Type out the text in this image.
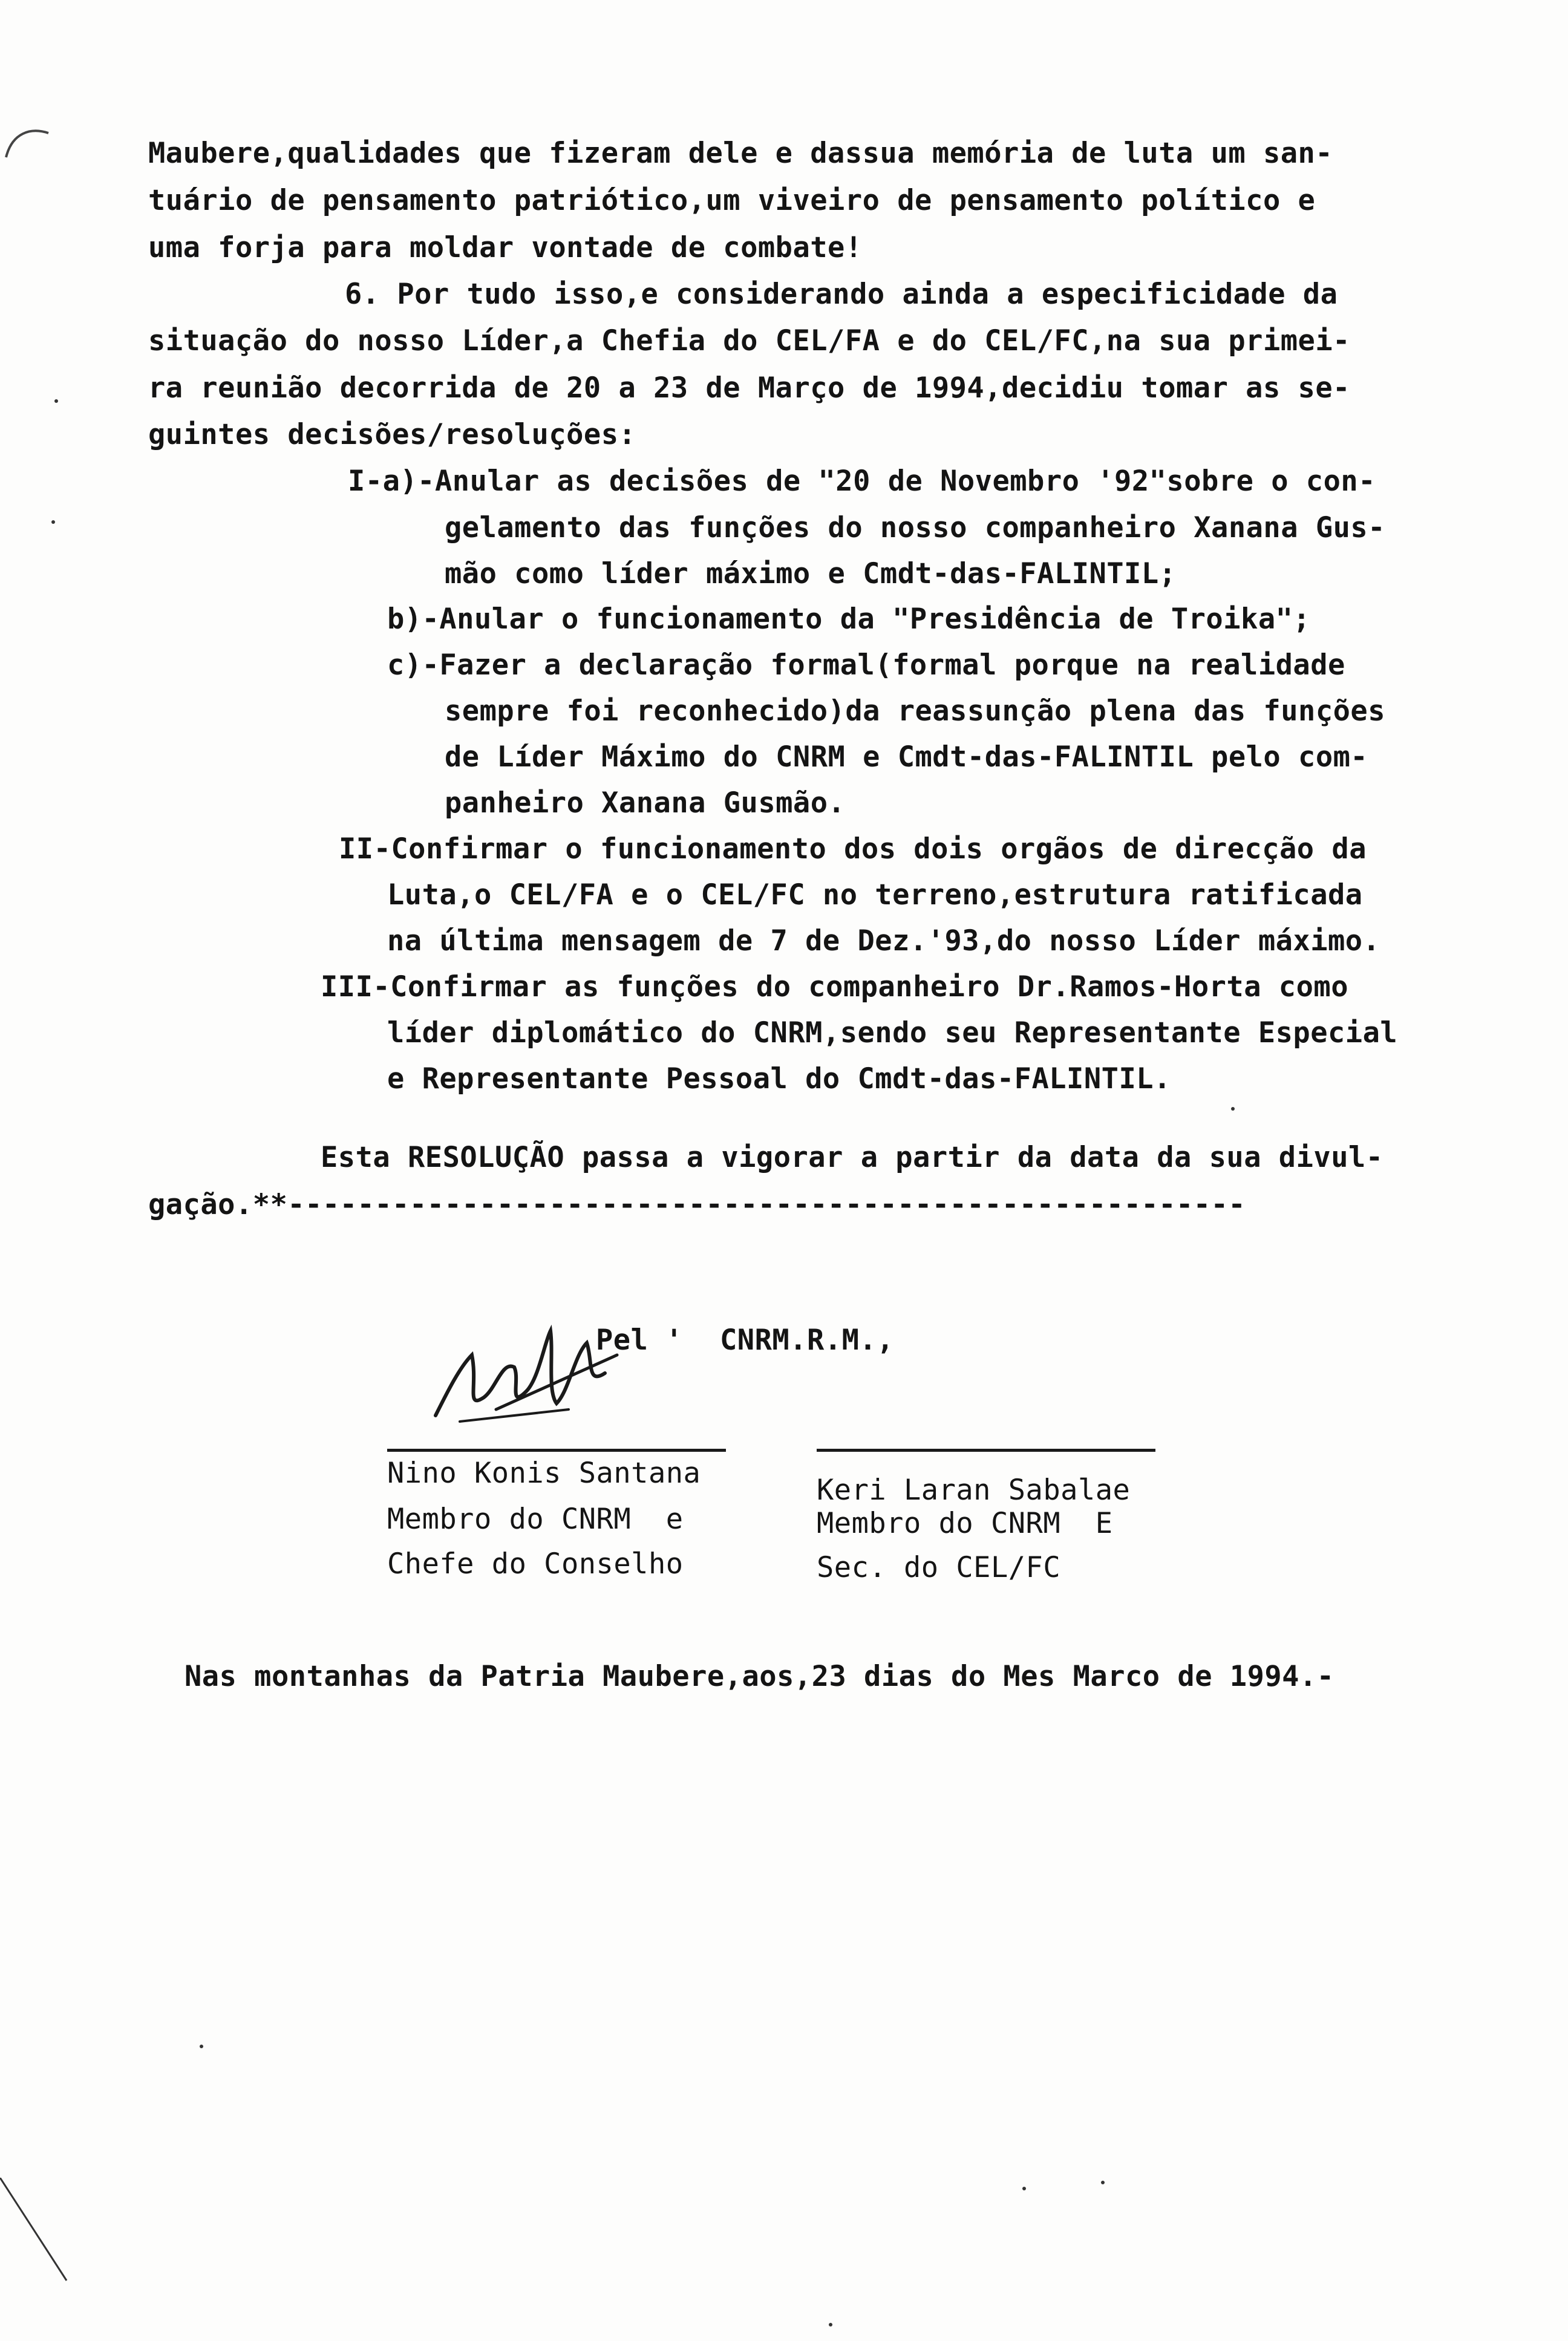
Maubere,qualidades que fizeram dele e dassua memória de luta um san-
tuário de pensamento patriótico,um viveiro de pensamento político e
uma forja para moldar vontade de combate!
6. Por tudo isso,e considerando ainda a especificidade da
situação do nosso Líder,a Chefia do CEL/FA e do CEL/FC,na sua primei-
ra reunião decorrida de 20 a 23 de Março de 1994,decidiu tomar as se-
guintes decisões/resoluções:
I-a)-Anular as decisões de "20 de Novembro '92"sobre o con-
gelamento das funções do nosso companheiro Xanana Gus-
mão como líder máximo e Cmdt-das-FALINTIL;
b)-Anular o funcionamento da "Presidência de Troika";
c)-Fazer a declaração formal(formal porque na realidade
sempre foi reconhecido)da reassunção plena das funções
de Líder Máximo do CNRM e Cmdt-das-FALINTIL pelo com-
panheiro Xanana Gusmão.
II-Confirmar o funcionamento dos dois orgãos de direcção da
Luta,o CEL/FA e o CEL/FC no terreno,estrutura ratificada
na última mensagem de 7 de Dez.'93,do nosso Líder máximo.
III-Confirmar as funções do companheiro Dr.Ramos-Horta como
líder diplomático do CNRM,sendo seu Representante Especial
e Representante Pessoal do Cmdt-das-FALINTIL.
Esta RESOLUÇÃO passa a vigorar a partir da data da sua divul-
gação.**-------------------------------------------------------
Pel ' CNRM.R.M.,
Nino Konis Santana
Membro do CNRM  e
Chefe do Conselho
Keri Laran Sabalae
Membro do CNRM  E
Sec. do CEL/FC
Nas montanhas da Patria Maubere,aos,23 dias do Mes Marco de 1994.-
